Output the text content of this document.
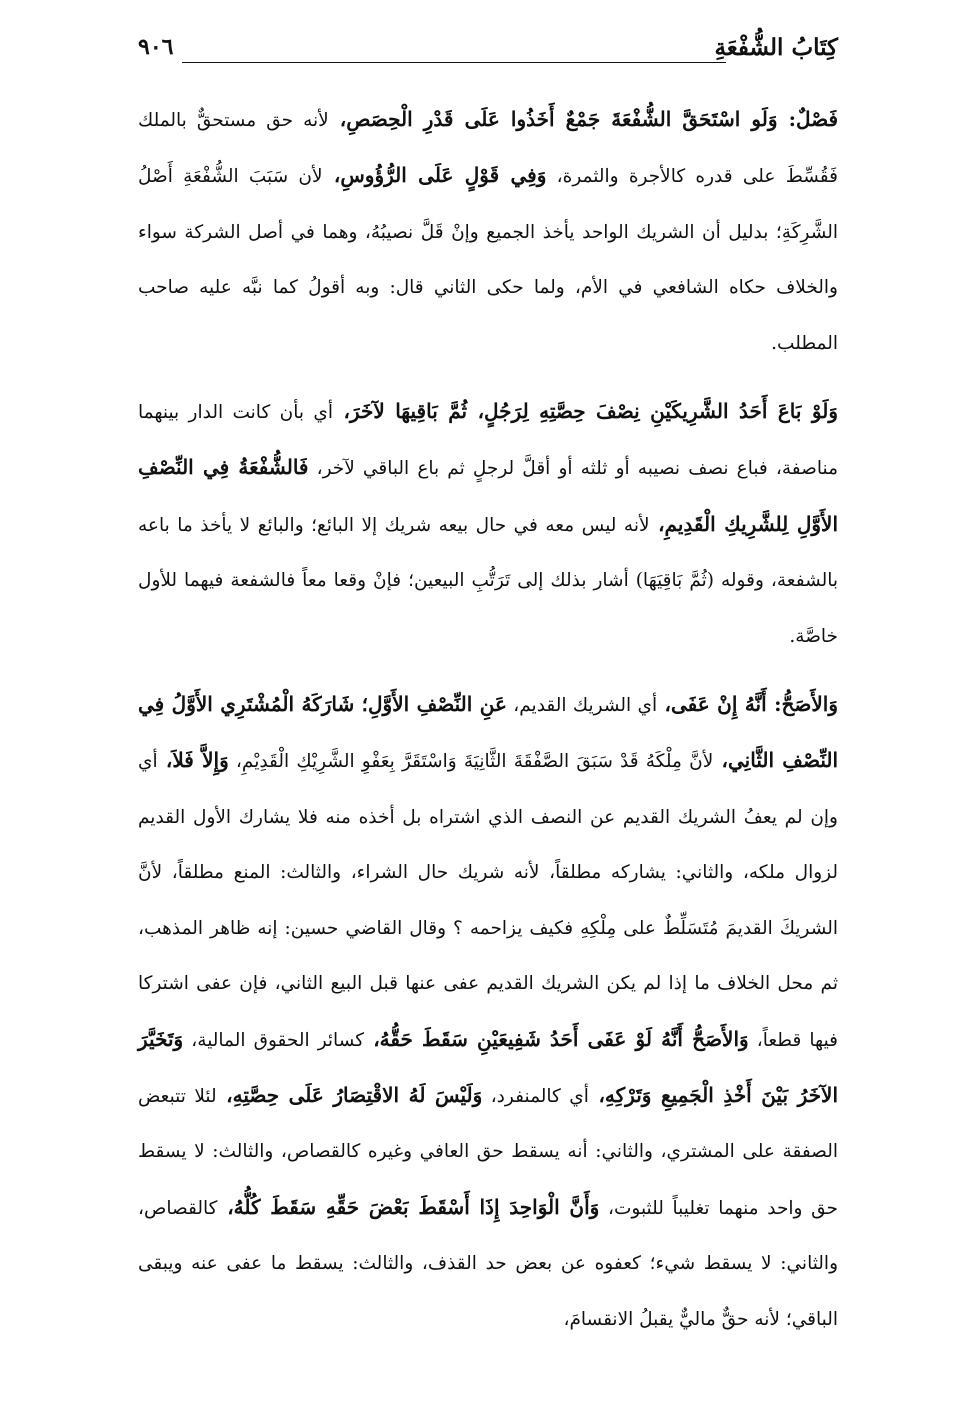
كِتَابُ الشُّفْعَةِ
٩٠٦

فَصْلٌ: وَلَو اسْتَحَقَّ الشُّفْعَةَ جَمْعٌ أَخَذُوا عَلَى قَدْرِ الْحِصَصِ، لأنه حق مستحقٌّ بالملك فَقُسِّطَ على قدره كالأجرة والثمرة، وَفِي قَوْلٍ عَلَى الرُّؤُوسِ، لأن سَبَبَ الشُّفْعَةِ أَصْلُ الشَّرِكَةِ؛ بدليل أن الشريك الواحد يأخذ الجميع وإنْ قَلَّ نصيبُهُ، وهما في أصل الشركة سواء والخلاف حكاه الشافعي في الأم، ولما حكى الثاني قال: وبه أقولُ كما نبَّه عليه صاحب المطلب.

وَلَوْ بَاعَ أَحَدُ الشَّرِيكَيْنِ نِصْفَ حِصَّتِهِ لِرَجُلٍ، ثُمَّ بَاقِيهَا لآخَرَ، أي بأن كانت الدار بينهما مناصفة، فباع نصف نصيبه أو ثلثه أو أقلَّ لرجلٍ ثم باع الباقي لآخر، فَالشُّفْعَةُ فِي النِّصْفِ الأَوَّلِ لِلشَّرِيكِ الْقَدِيمِ، لأنه ليس معه في حال بيعه شريك إلا البائع؛ والبائع لا يأخذ ما باعه بالشفعة، وقوله (ثُمَّ بَاقِيَهَا) أشار بذلك إلى تَرَتُّبِ البيعين؛ فإنْ وقعا معاً فالشفعة فيهما للأول خاصَّة.

وَالأَصَحُّ: أَنَّهُ إِنْ عَفَى، أي الشريك القديم، عَنِ النِّصْفِ الأَوَّلِ؛ شَارَكَهُ الْمُشْتَرِي الأَوَّلُ فِي النِّصْفِ الثَّانِي، لأنَّ مِلْكَهُ قَدْ سَبَقَ الصَّفْقَةَ الثَّانِيَةَ وَاسْتَقَرَّ بِعَفْوِ الشَّرِيْكِ الْقَدِيْمِ، وَإِلاَّ فَلاَ، أي وإن لم يعفُ الشريك القديم عن النصف الذي اشتراه بل أخذه منه فلا يشارك الأول القديم لزوال ملكه، والثاني: يشاركه مطلقاً، لأنه شريك حال الشراء، والثالث: المنع مطلقاً، لأنَّ الشريكَ القديمَ مُتَسَلِّطٌ على مِلْكِهِ فكيف يزاحمه ؟ وقال القاضي حسين: إنه ظاهر المذهب، ثم محل الخلاف ما إذا لم يكن الشريك القديم عفى عنها قبل البيع الثاني، فإن عفى اشتركا فيها قطعاً، وَالأَصَحُّ أَنَّهُ لَوْ عَفَى أَحَدُ شَفِيعَيْنِ سَقَطَ حَقُّهُ، كسائر الحقوق المالية، وَتَخَيَّرَ الآخَرُ بَيْنَ أَخْذِ الْجَمِيعِ وَتَرْكِهِ، أي كالمنفرد، وَلَيْسَ لَهُ الاقْتِصَارُ عَلَى حِصَّتِهِ، لئلا تتبعض الصفقة على المشتري، والثاني: أنه يسقط حق العافي وغيره كالقصاص، والثالث: لا يسقط حق واحد منهما تغليباً للثبوت، وَأَنَّ الْوَاحِدَ إِذَا أَسْقَطَ بَعْضَ حَقِّهِ سَقَطَ كُلُّهُ، كالقصاص، والثاني: لا يسقط شيء؛ كعفوه عن بعض حد القذف، والثالث: يسقط ما عفى عنه ويبقى الباقي؛ لأنه حقٌّ ماليٌّ يقبلُ الانقسامَ،
